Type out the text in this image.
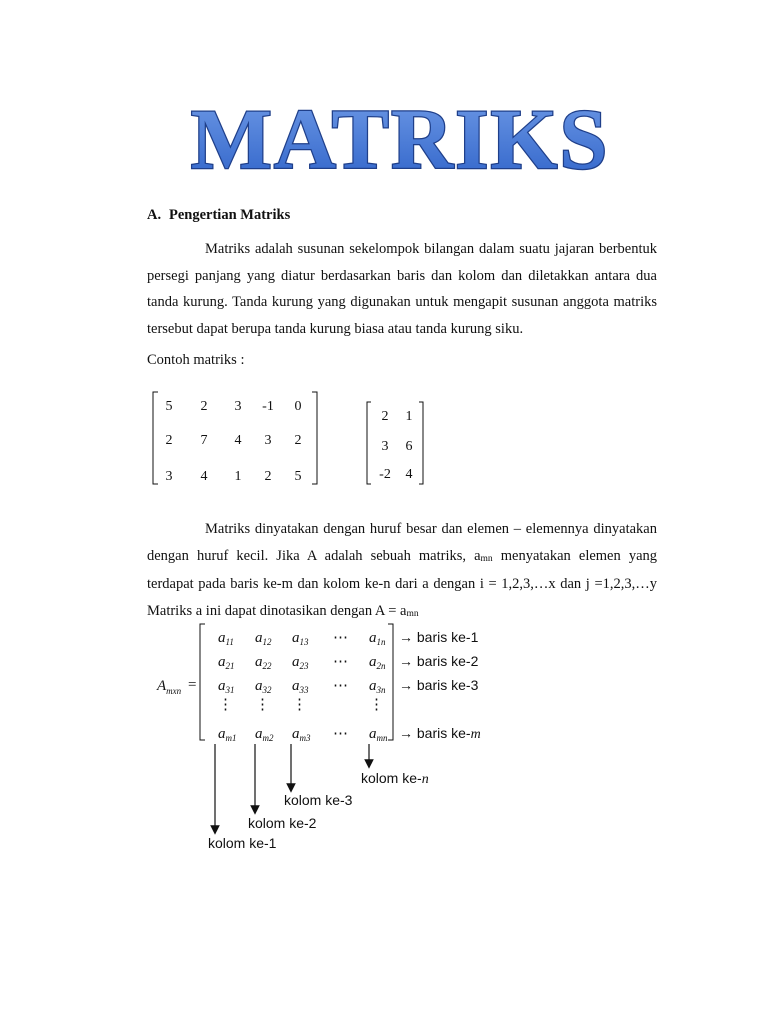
MATRIKS
A. Pengertian Matriks

Matriks adalah susunan sekelompok bilangan dalam suatu jajaran berbentuk persegi panjang yang diatur berdasarkan baris dan kolom dan diletakkan antara dua tanda kurung. Tanda kurung yang digunakan untuk mengapit susunan anggota matriks tersebut dapat berupa tanda kurung biasa atau tanda kurung siku.

Contoh matriks :
5 2 3 -1 0
2 7 4 3 2
3 4 1 2 5
2 1
3 6
-2 4

Matriks dinyatakan dengan huruf besar dan elemen – elemennya dinyatakan dengan huruf kecil. Jika A adalah sebuah matriks, amn menyatakan elemen yang terdapat pada baris ke-m dan kolom ke-n dari a dengan i = 1,2,3,…x dan j =1,2,3,…y Matriks a ini dapat dinotasikan dengan A = amn

$A_{mxn}$ =
$a_{11}$ $a_{12}$ $a_{13}$ ⋯ $a_{1n}$
$a_{21}$ $a_{22}$ $a_{23}$ ⋯ $a_{2n}$
$a_{31}$ $a_{32}$ $a_{33}$ ⋯ $a_{3n}$
⋮ ⋮ ⋮	⋮
$a_{m1}$ $a_{m2}$ $a_{m3}$ ⋯ $a_{mn}$
→ baris ke-1
→ baris ke-2
→ baris ke-3
→ baris ke-m
kolom ke-1
kolom ke-2
kolom ke-3
kolom ke-n
